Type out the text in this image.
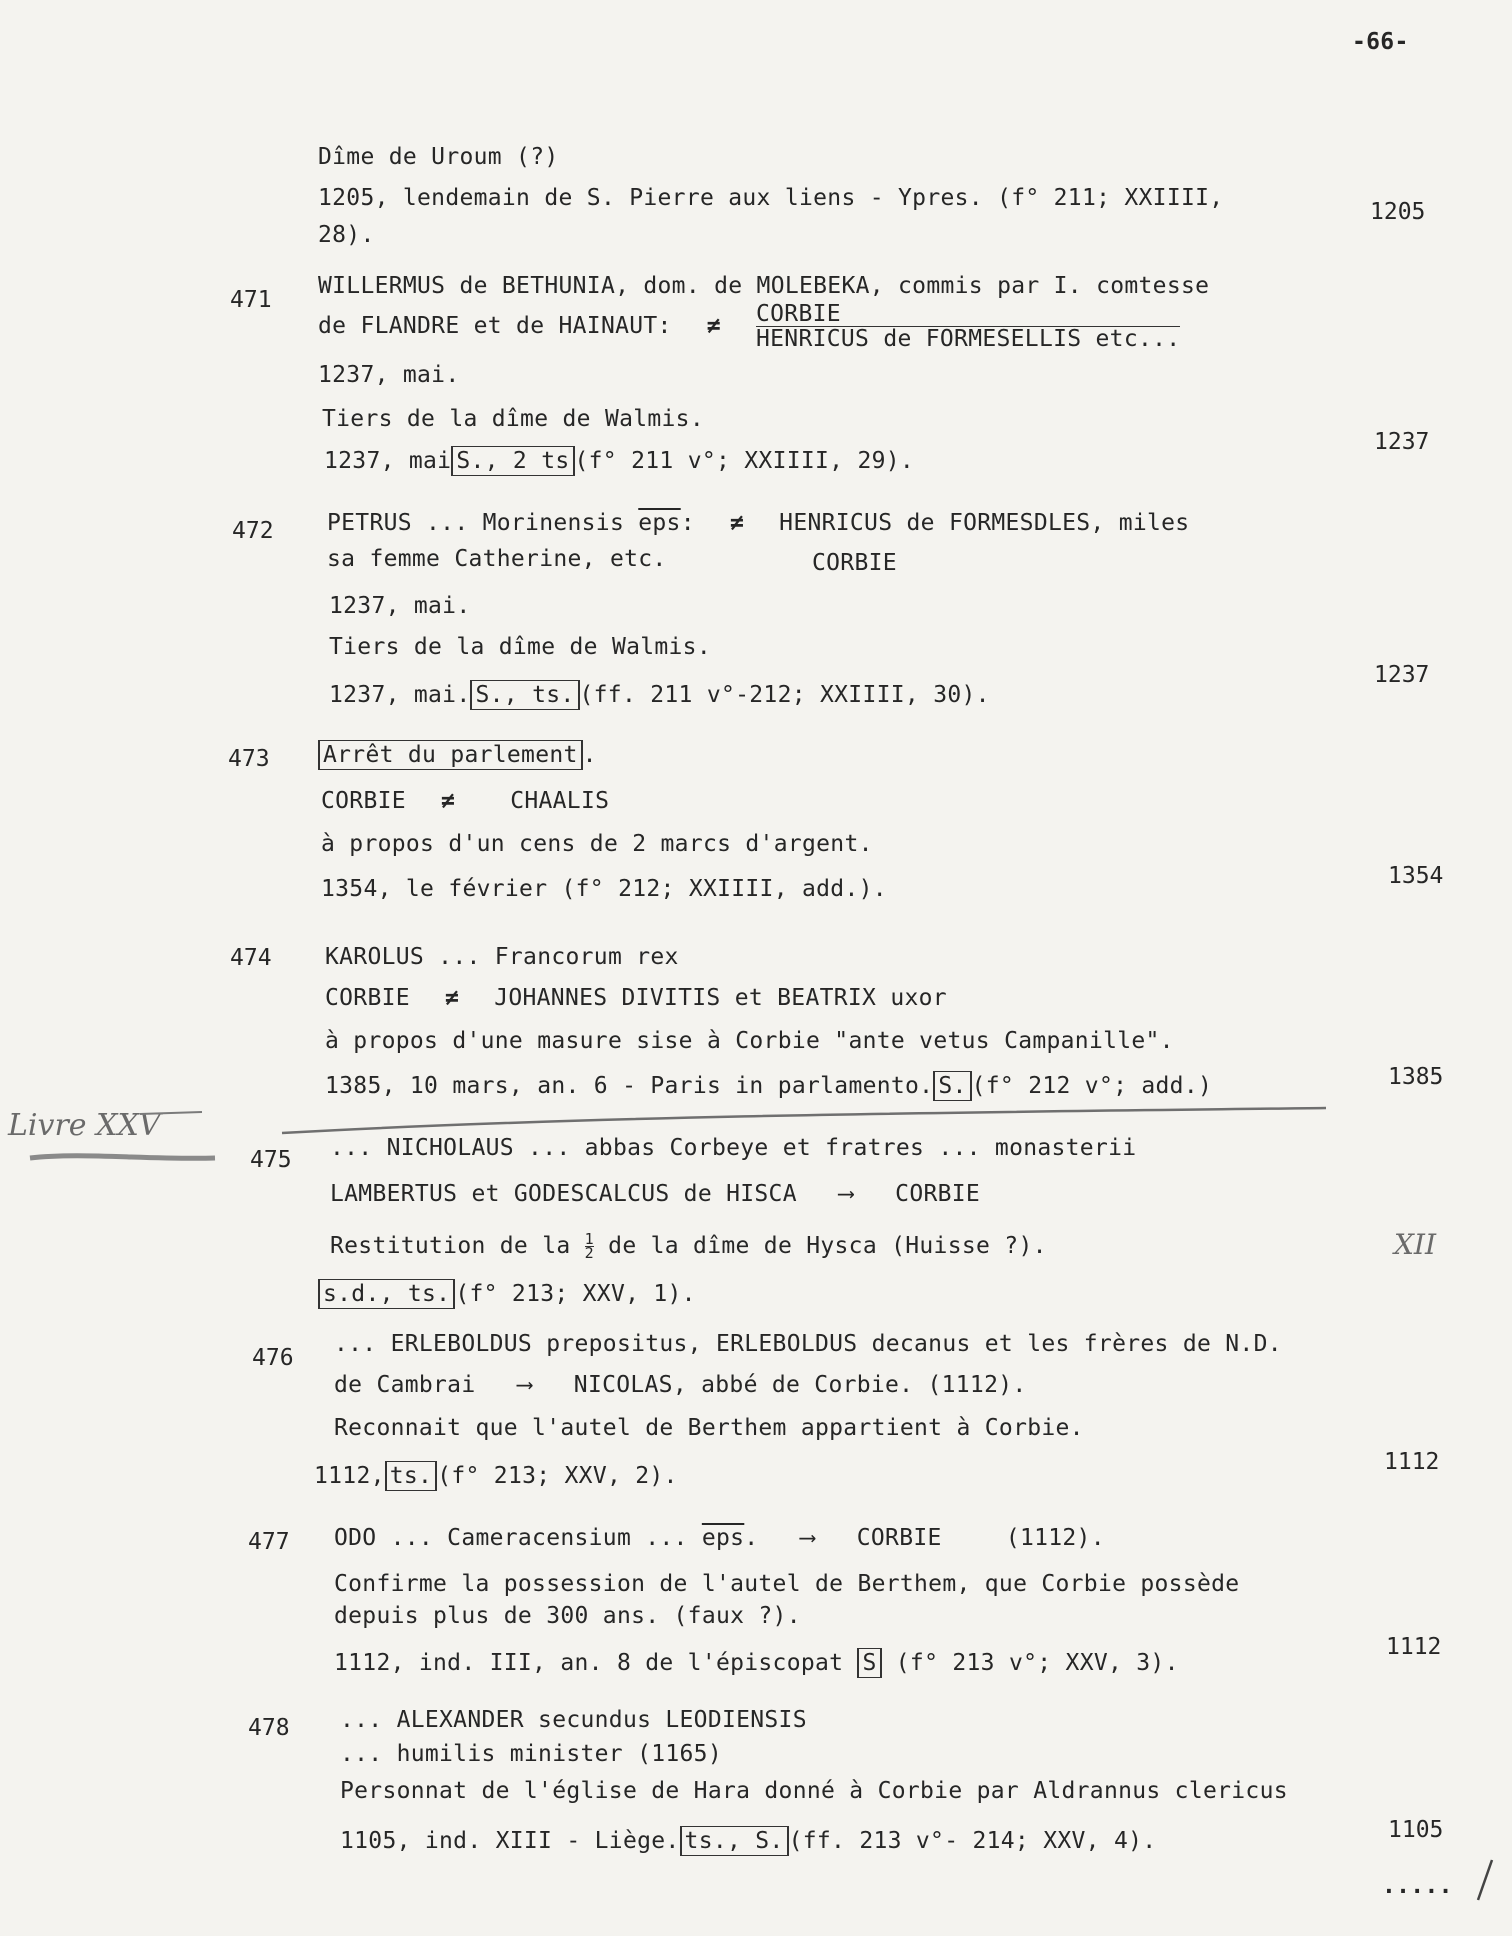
-66-
Dîme de Uroum (?)
1205, lendemain de S. Pierre aux liens - Ypres. (f° 211; XXIIII,
28).
1205
471
WILLERMUS de BETHUNIA, dom. de MOLEBEKA, commis par I. comtesse
de FLANDRE et de HAINAUT: ≠ CORBIE
HENRICUS de FORMESELLIS etc...
1237, mai.
Tiers de la dîme de Walmis.
1237, mai S., 2 ts (f° 211 v°; XXIIII, 29).
1237
472 PETRUS ... Morinensis $\overline{eps}$: ≠ HENRICUS de FORMESDLES, miles
sa femme Catherine, etc.	CORBIE
1237, mai.
Tiers de la dîme de Walmis.
1237, mai. S., ts. (ff. 211 v°-212; XXIIII, 30).
1237
473 Arrêt du parlement .
CORBIE ≠ CHAALIS
à propos d'un cens de 2 marcs d'argent.
1354, le février (f° 212; XXIIII, add.).	1354
474 KAROLUS ... Francorum rex
CORBIE ≠ JOHANNES DIVITIS et BEATRIX uxor
à propos d'une masure sise à Corbie "ante vetus Campanille".
1385, 10 mars, an. 6 - Paris in parlamento. S. (f° 212 v°; add.)	1385
Livre XXV
475 ... NICHOLAUS ... abbas Corbeye et fratres ... monasterii
LAMBERTUS et GODESCALCUS de HISCA ⟶ CORBIE
Restitution de la $\frac{1}{2}$ de la dîme de Hysca (Huisse ?).	XII
s.d., ts. (f° 213; XXV, 1).
476
... ERLEBOLDUS prepositus, ERLEBOLDUS decanus et les frères de N.D.
de Cambrai ⟶ NICOLAS, abbé de Corbie. (1112).
Reconnait que l'autel de Berthem appartient à Corbie.
1112, ts. (f° 213; XXV, 2).
1112
477 ODO ... Cameracensium ... $\overline{eps}$. ⟶ CORBIE	(1112).
Confirme la possession de l'autel de Berthem, que Corbie possède
depuis plus de 300 ans. (faux ?).
1112, ind. III, an. 8 de l'épiscopat S (f° 213 v°; XXV, 3).
1112
478 ... ALEXANDER secundus LEODIENSIS
... humilis minister (1165)
Personnat de l'église de Hara donné à Corbie par Aldrannus clericus
1105, ind. XIII - Liège. ts., S. (ff. 213 v°- 214; XXV, 4).	1105
.....
